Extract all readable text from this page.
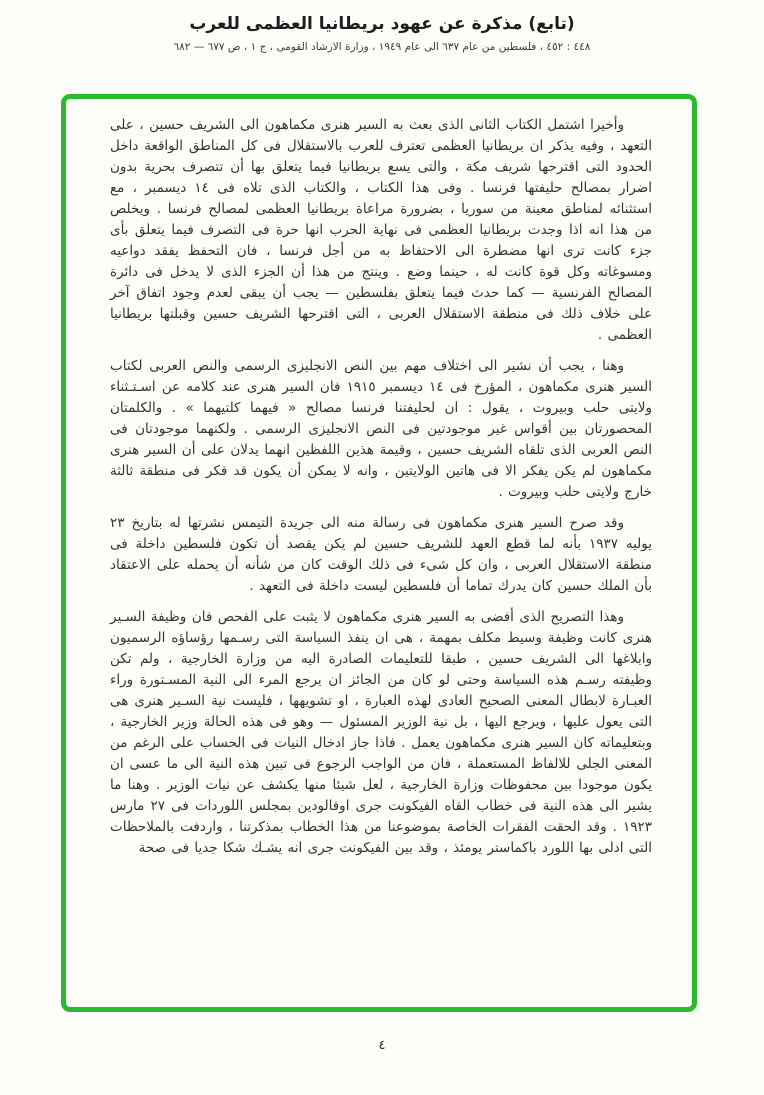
(تابع) مذكرة عن عهود بريطانيا العظمى للعرب
٤٤٨ : ٤٥٢ ، فلسطين من عام ٦٣٧ الى عام ١٩٤٩ ، وزارة الارشاد القومى ، ج ١ ، ص ٦٧٧ — ٦٨٢

وأخيرا اشتمل الكتاب الثانى الذى بعث به السير هنرى مكماهون الى الشريف حسين ، على التعهد ، وفيه يذكر ان بريطانيا العظمى تعترف للعرب بالاستقلال فى كل المناطق الواقعة داخل الحدود التى اقترحها شريف مكة ، والتى يسع بريطانيا فيما يتعلق بها أن تتصرف بحرية بدون اضرار بمصالح حليفتها فرنسا . وفى هذا الكتاب ، والكتاب الذى تلاه فى ١٤ ديسمبر ، مع استثنائه لمناطق معينة من سوريا ، بضرورة مراعاة بريطانيا العظمى لمصالح فرنسا . ويخلص من هذا انه اذا وجدت بريطانيا العظمى فى نهاية الحرب انها حرة فى التصرف فيما يتعلق بأى جزء كانت ترى انها مضطرة الى الاحتفاظ به من أجل فرنسا ، فان التحفظ يفقد دواعيه ومسوغاته وكل قوة كانت له ، حينما وضع . وينتج من هذا أن الجزء الذى لا يدخل فى دائرة المصالح الفرنسية — كما حدث فيما يتعلق بفلسطين — يجب أن يبقى لعدم وجود اتفاق آخر على خلاف ذلك فى منطقة الاستقلال العربى ، التى اقترحها الشريف حسين وقبلتها بريطانيا العظمى .

وهنا ، يجب أن نشير الى اختلاف مهم بين النص الانجليزى الرسمى والنص العربى لكتاب السير هنرى مكماهون ، المؤرخ فى ١٤ ديسمبر ١٩١٥ فان السير هنرى عند كلامه عن اسـتـثناء ولايتى حلب وبيروت ، يقول : ان لحليفتنا فرنسا مصالح « فيهما كلتيهما » . والكلمتان المحصورتان بين أقواس غير موجودتين فى النص الانجليزى الرسمى . ولكنهما موجودتان فى النص العربى الذى تلقاه الشريف حسين ، وقيمة هذين اللفظين انهما يدلان على أن السير هنرى مكماهون لم يكن يفكر الا فى هاتين الولايتين ، وانه لا يمكن أن يكون قد فكر فى منطقة ثالثة خارج ولايتى حلب وبيروت .

وقد صرح السير هنرى مكماهون فى رسالة منه الى جريدة التيمس نشرتها له بتاريخ ٢٣ يوليه ١٩٣٧ بأنه لما قطع العهد للشريف حسين لم يكن يقصد أن تكون فلسطين داخلة فى منطقة الاستقلال العربى ، وان كل شىء فى ذلك الوقت كان من شأنه أن يحمله على الاعتقاد بأن الملك حسين كان يدرك تماما أن فلسطين ليست داخلة فى التعهد .

وهذا التصريح الذى أفضى به السير هنرى مكماهون لا يثبت على الفحص فان وظيفة السـير هنرى كانت وظيفة وسيط مكلف بمهمة ، هى ان ينفذ السياسة التى رسـمها رؤساؤه الرسميون وابلاغها الى الشريف حسين ، طبقا للتعليمات الصادرة اليه من وزارة الخارجية ، ولم تكن وظيفته رسـم هذه السياسة وحتى لو كان من الجائز ان يرجع المرء الى النية المسـتورة وراء العبـارة لابطال المعنى الصحيح العادى لهذه العبارة ، او تشويهها ، فليست نية السـير هنرى هى التى يعول عليها ، ويرجع اليها ، بل نية الوزير المسئول — وهو فى هذه الحالة وزير الخارجية ، وبتعليماته كان السير هنرى مكماهون يعمل . فاذا جاز ادخال النيات فى الحساب على الرغم من المعنى الجلى للالفاظ المستعملة ، فان من الواجب الرجوع فى تبين هذه النية الى ما عسى ان يكون موجودا بين محفوظات وزارة الخارجية ، لعل شيئا منها يكشف عن نيات الوزير . وهنا ما يشير الى هذه النية فى خطاب القاه الفيكونت جرى اوفالودين بمجلس اللوردات فى ٢٧ مارس ١٩٢٣ . وقد الحقت الفقرات الخاصة بموضوعنا من هذا الخطاب بمذكرتنا ، واردفت بالملاحظات التى ادلى بها اللورد باكماستر يومئذ ، وقد بين الفيكونت جرى انه يشـك شكا جديا فى صحة

٤
